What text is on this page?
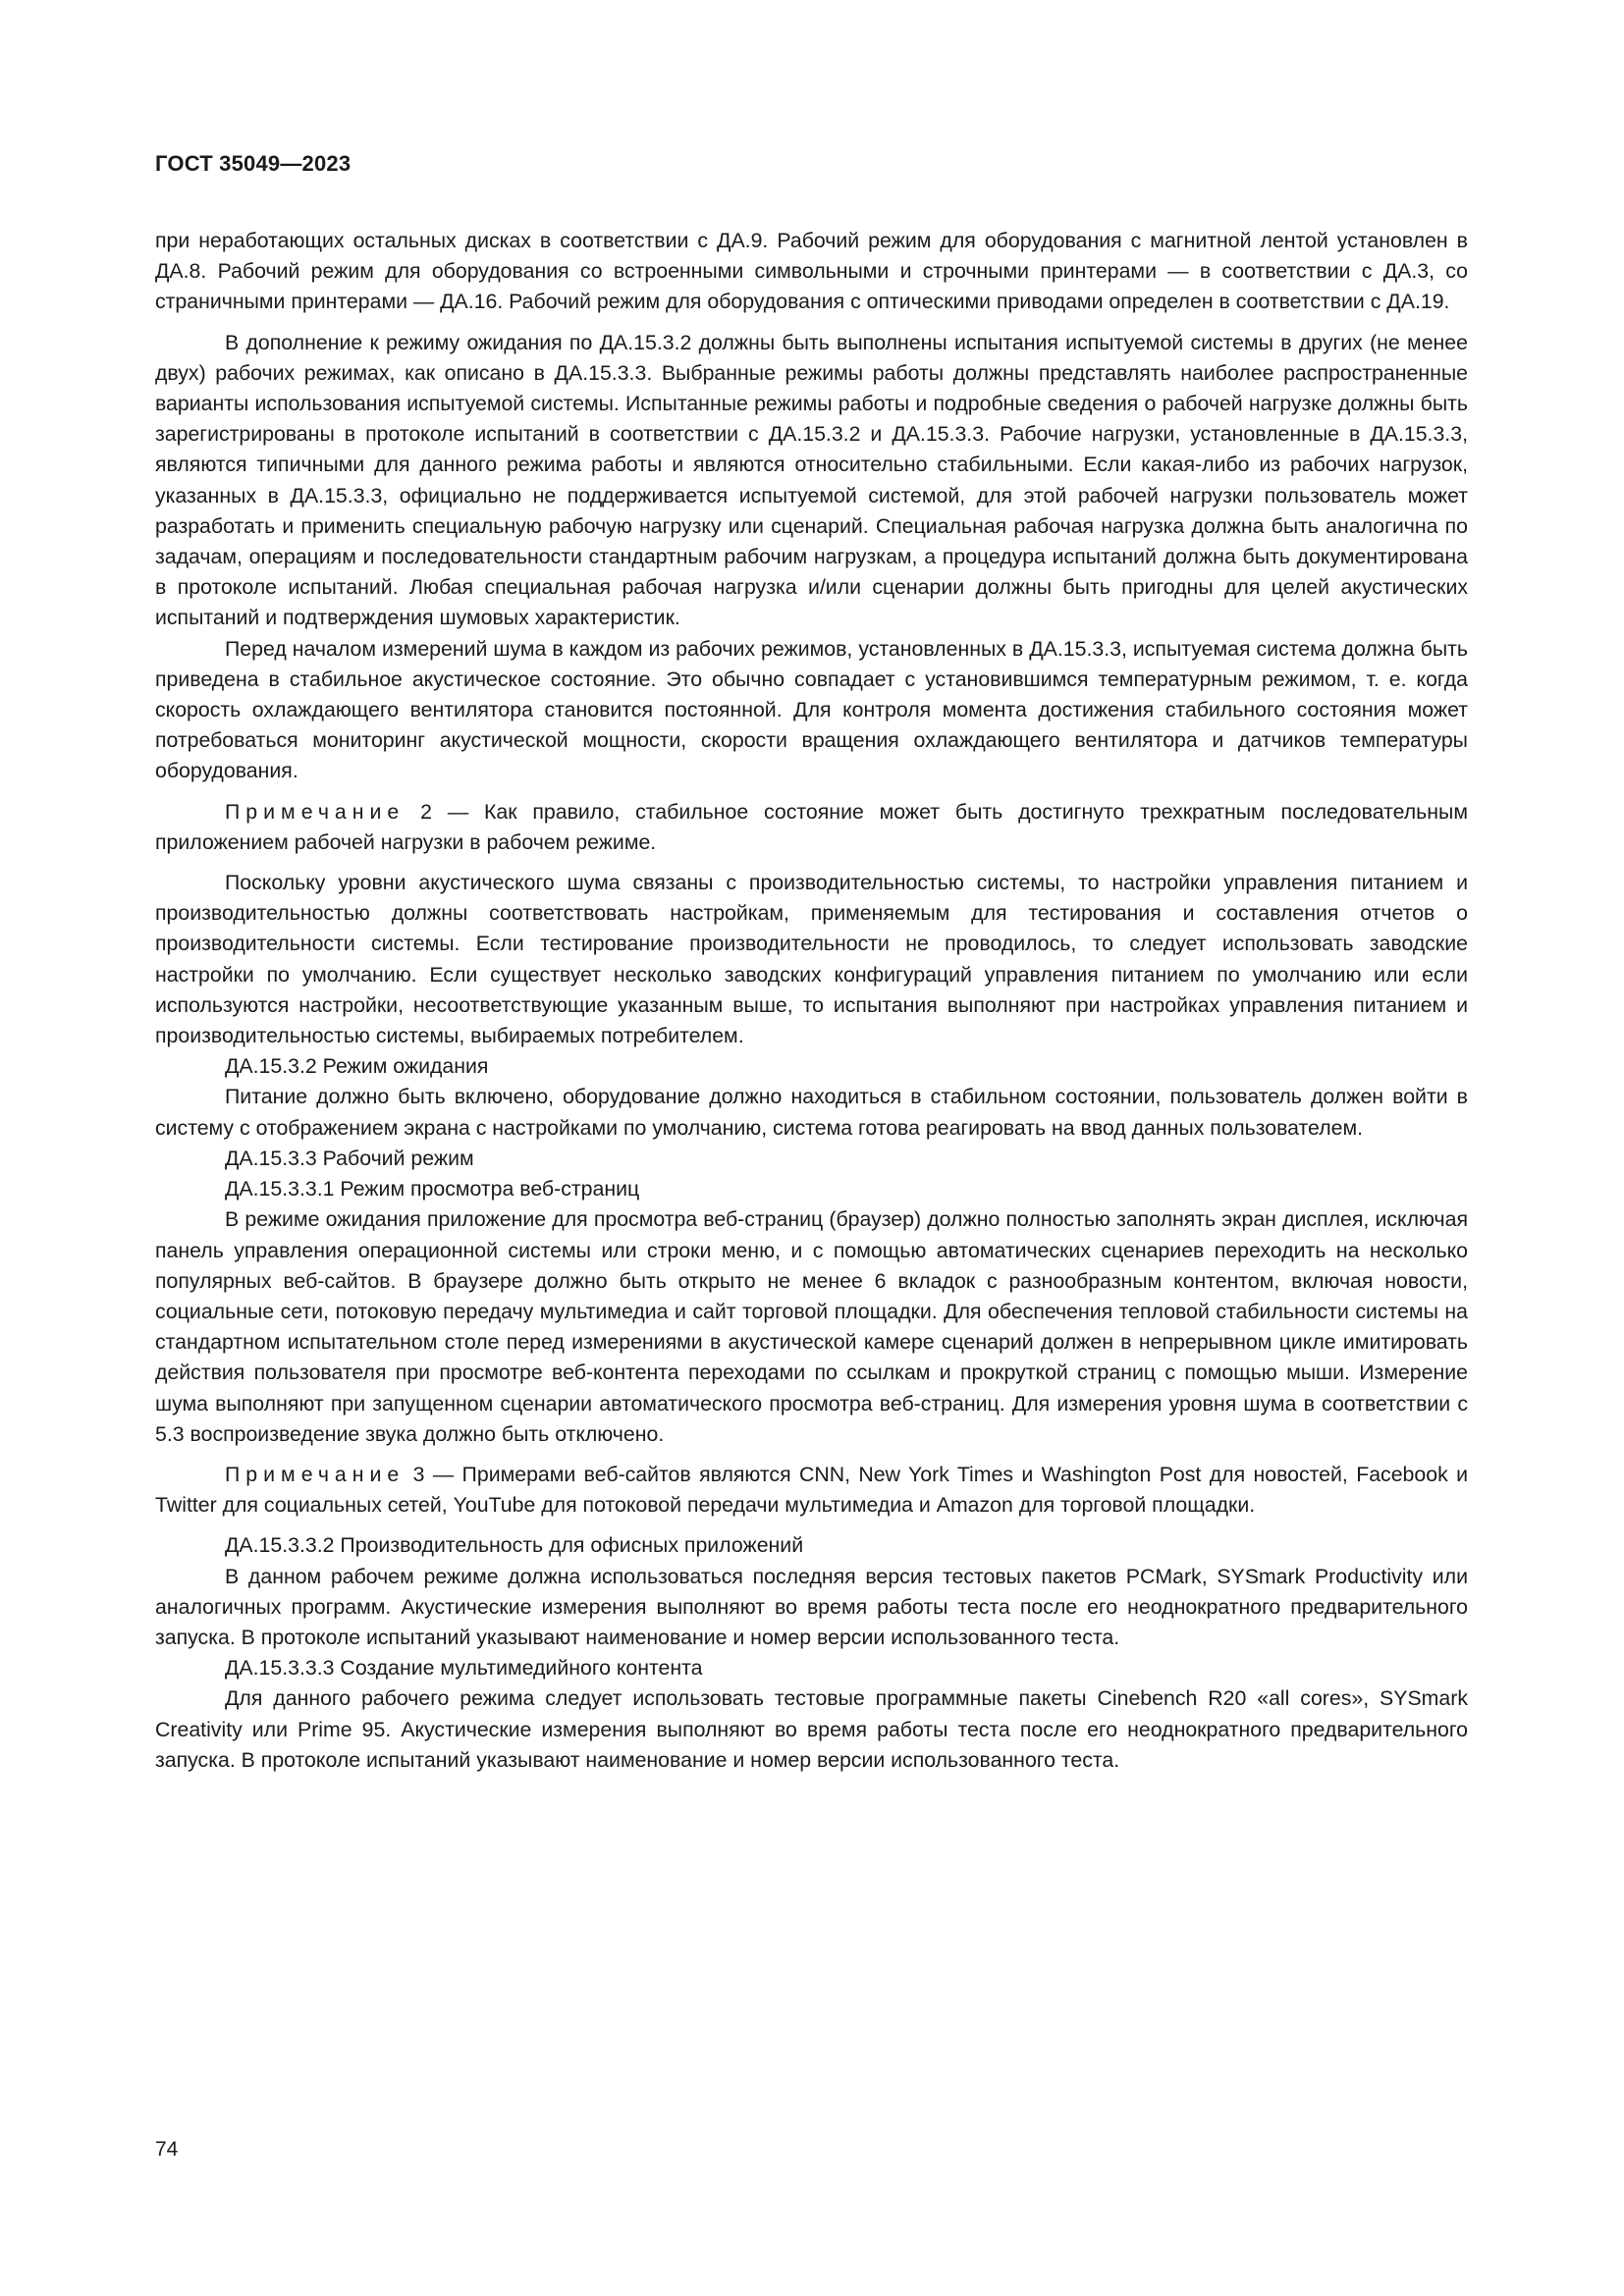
ГОСТ 35049—2023

при неработающих остальных дисках в соответствии с ДА.9. Рабочий режим для оборудования с магнитной лентой установлен в ДА.8. Рабочий режим для оборудования со встроенными символьными и строчными принтерами — в соответствии с ДА.3, со страничными принтерами — ДА.16. Рабочий режим для оборудования с оптическими приводами определен в соответствии с ДА.19.

В дополнение к режиму ожидания по ДА.15.3.2 должны быть выполнены испытания испытуемой системы в других (не менее двух) рабочих режимах, как описано в ДА.15.3.3. Выбранные режимы работы должны представлять наиболее распространенные варианты использования испытуемой системы. Испытанные режимы работы и подробные сведения о рабочей нагрузке должны быть зарегистрированы в протоколе испытаний в соответствии с ДА.15.3.2 и ДА.15.3.3. Рабочие нагрузки, установленные в ДА.15.3.3, являются типичными для данного режима работы и являются относительно стабильными. Если какая-либо из рабочих нагрузок, указанных в ДА.15.3.3, официально не поддерживается испытуемой системой, для этой рабочей нагрузки пользователь может разработать и применить специальную рабочую нагрузку или сценарий. Специальная рабочая нагрузка должна быть аналогична по задачам, операциям и последовательности стандартным рабочим нагрузкам, а процедура испытаний должна быть документирована в протоколе испытаний. Любая специальная рабочая нагрузка и/или сценарии должны быть пригодны для целей акустических испытаний и подтверждения шумовых характеристик.

Перед началом измерений шума в каждом из рабочих режимов, установленных в ДА.15.3.3, испытуемая система должна быть приведена в стабильное акустическое состояние. Это обычно совпадает с установившимся температурным режимом, т. е. когда скорость охлаждающего вентилятора становится постоянной. Для контроля момента достижения стабильного состояния может потребоваться мониторинг акустической мощности, скорости вращения охлаждающего вентилятора и датчиков температуры оборудования.

Примечание 2 — Как правило, стабильное состояние может быть достигнуто трехкратным последовательным приложением рабочей нагрузки в рабочем режиме.

Поскольку уровни акустического шума связаны с производительностью системы, то настройки управления питанием и производительностью должны соответствовать настройкам, применяемым для тестирования и составления отчетов о производительности системы. Если тестирование производительности не проводилось, то следует использовать заводские настройки по умолчанию. Если существует несколько заводских конфигураций управления питанием по умолчанию или если используются настройки, несоответствующие указанным выше, то испытания выполняют при настройках управления питанием и производительностью системы, выбираемых потребителем.

ДА.15.3.2 Режим ожидания

Питание должно быть включено, оборудование должно находиться в стабильном состоянии, пользователь должен войти в систему с отображением экрана с настройками по умолчанию, система готова реагировать на ввод данных пользователем.

ДА.15.3.3 Рабочий режим

ДА.15.3.3.1 Режим просмотра веб-страниц

В режиме ожидания приложение для просмотра веб-страниц (браузер) должно полностью заполнять экран дисплея, исключая панель управления операционной системы или строки меню, и с помощью автоматических сценариев переходить на несколько популярных веб-сайтов. В браузере должно быть открыто не менее 6 вкладок с разнообразным контентом, включая новости, социальные сети, потоковую передачу мультимедиа и сайт торговой площадки. Для обеспечения тепловой стабильности системы на стандартном испытательном столе перед измерениями в акустической камере сценарий должен в непрерывном цикле имитировать действия пользователя при просмотре веб-контента переходами по ссылкам и прокруткой страниц с помощью мыши. Измерение шума выполняют при запущенном сценарии автоматического просмотра веб-страниц. Для измерения уровня шума в соответствии с 5.3 воспроизведение звука должно быть отключено.

Примечание 3 — Примерами веб-сайтов являются CNN, New York Times и Washington Post для новостей, Facebook и Twitter для социальных сетей, YouTube для потоковой передачи мультимедиа и Amazon для торговой площадки.

ДА.15.3.3.2 Производительность для офисных приложений

В данном рабочем режиме должна использоваться последняя версия тестовых пакетов PCMark, SYSmark Productivity или аналогичных программ. Акустические измерения выполняют во время работы теста после его неоднократного предварительного запуска. В протоколе испытаний указывают наименование и номер версии использованного теста.

ДА.15.3.3.3 Создание мультимедийного контента

Для данного рабочего режима следует использовать тестовые программные пакеты Cinebench R20 «all cores», SYSmark Creativity или Prime 95. Акустические измерения выполняют во время работы теста после его неоднократного предварительного запуска. В протоколе испытаний указывают наименование и номер версии использованного теста.

74
